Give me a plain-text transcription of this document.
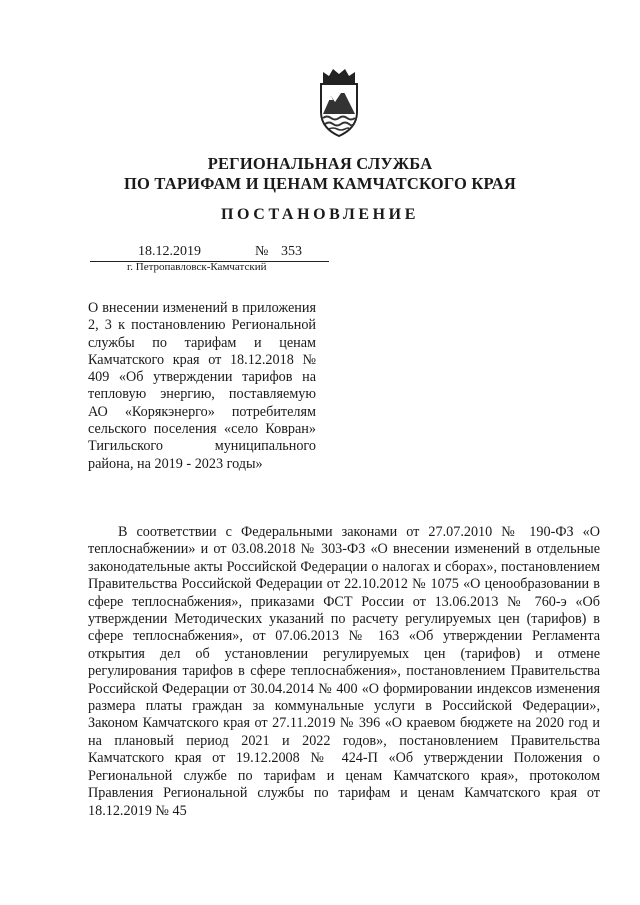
РЕГИОНАЛЬНАЯ СЛУЖБА
ПО ТАРИФАМ И ЦЕНАМ КАМЧАТСКОГО КРАЯ
ПОСТАНОВЛЕНИЕ
18.12.2019	№ 353
г. Петропавловск-Камчатский
О внесении изменений в приложения 2, 3 к постановлению Региональной службы по тарифам и ценам Камчатского края от 18.12.2018 № 409 «Об утверждении тарифов на тепловую энергию, поставляемую АО «Корякэнерго» потребителям сельского поселения «село Ковран» Тигильского муниципального района, на 2019 - 2023 годы»
В соответствии с Федеральными законами от 27.07.2010 № 190-ФЗ «О теплоснабжении» и от 03.08.2018 № 303-ФЗ «О внесении изменений в отдельные законодательные акты Российской Федерации о налогах и сборах», постановлением Правительства Российской Федерации от 22.10.2012 № 1075 «О ценообразовании в сфере теплоснабжения», приказами ФСТ России от 13.06.2013 № 760-э «Об утверждении Методических указаний по расчету регулируемых цен (тарифов) в сфере теплоснабжения», от 07.06.2013 № 163 «Об утверждении Регламента открытия дел об установлении регулируемых цен (тарифов) и отмене регулирования тарифов в сфере теплоснабжения», постановлением Правительства Российской Федерации от 30.04.2014 № 400 «О формировании индексов изменения размера платы граждан за коммунальные услуги в Российской Федерации», Законом Камчатского края от 27.11.2019 № 396 «О краевом бюджете на 2020 год и на плановый период 2021 и 2022 годов», постановлением Правительства Камчатского края от 19.12.2008 № 424-П «Об утверждении Положения о Региональной службе по тарифам и ценам Камчатского края», протоколом Правления Региональной службы по тарифам и ценам Камчатского края от 18.12.2019 № 45
